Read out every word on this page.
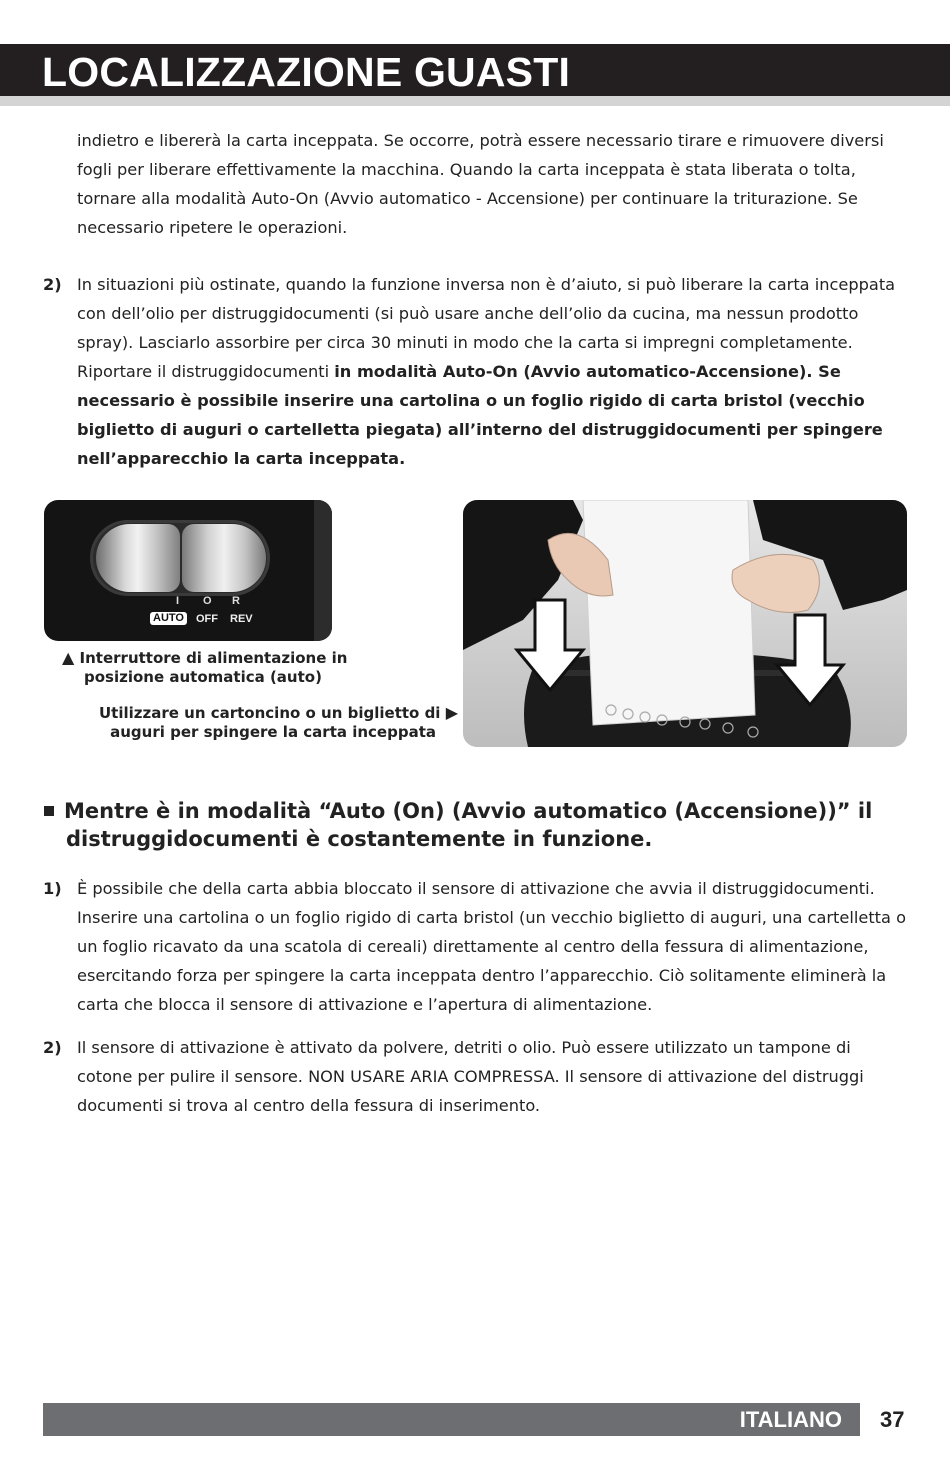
LOCALIZZAZIONE GUASTI
indietro e libererà la carta inceppata. Se occorre, potrà essere necessario tirare e rimuovere diversi fogli per liberare effettivamente la macchina. Quando la carta inceppata è stata liberata o tolta, tornare alla modalità Auto-On (Avvio automatico - Accensione) per continuare la triturazione. Se necessario ripetere le operazioni.
2) In situazioni più ostinate, quando la funzione inversa non è d’aiuto, si può liberare la carta inceppata con dell’olio per distruggidocumenti (si può usare anche dell’olio da cucina, ma nessun prodotto spray). Lasciarlo assorbire per circa 30 minuti in modo che la carta si impregni completamente. Riportare il distruggidocumenti in modalità Auto-On (Avvio automatico-Accensione). Se necessario è possibile inserire una cartolina o un foglio rigido di carta bristol (vecchio biglietto di auguri o cartelletta piegata) all’interno del distruggidocumenti per spingere nell’apparecchio la carta inceppata.
I O R
AUTO OFF REV
▲ Interruttore di alimentazione in
posizione automatica (auto)
Utilizzare un cartoncino o un biglietto di ▶
auguri per spingere la carta inceppata
Mentre è in modalità “Auto (On) (Avvio automatico (Accensione))” il
distruggidocumenti è costantemente in funzione.
1) È possibile che della carta abbia bloccato il sensore di attivazione che avvia il distruggidocumenti. Inserire una cartolina o un foglio rigido di carta bristol (un vecchio biglietto di auguri, una cartelletta o un foglio ricavato da una scatola di cereali) direttamente al centro della fessura di alimentazione, esercitando forza per spingere la carta inceppata dentro l’apparecchio. Ciò solitamente eliminerà la carta che blocca il sensore di attivazione e l’apertura di alimentazione.
2) Il sensore di attivazione è attivato da polvere, detriti o olio. Può essere utilizzato un tampone di cotone per pulire il sensore. NON USARE ARIA COMPRESSA. Il sensore di attivazione del distruggi documenti si trova al centro della fessura di inserimento.
ITALIANO 37
